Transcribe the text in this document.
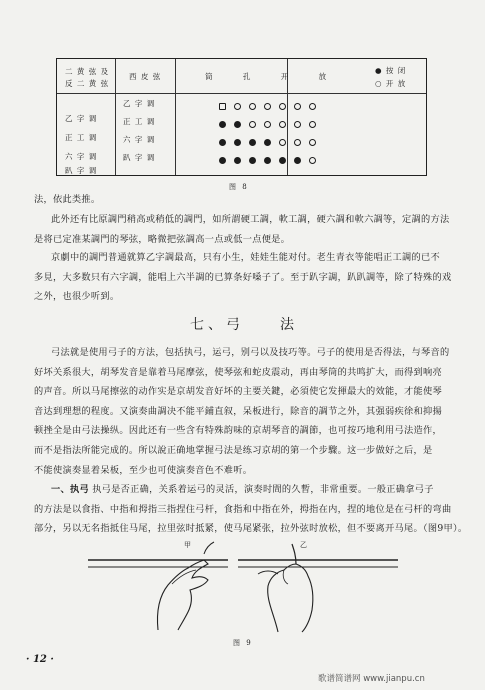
二 黄 弦 及
反 二 黄 弦
西 皮 弦	筒 孔 开 放
● 按 闭
○ 开 放
乙 字 调
正 工 调
六 字 调
趴 字 调
乙 字 调
正 工 调
六 字 调
趴 字 调
图 8
法，依此类推。
此外还有比原調門稍高或稍低的調門，如所謂硬工調，軟工調，硬六調和軟六調等，定調的方法
是将已定准某調門的琴弦，略微把弦調高一点或低一点便是。
京劇中的調門普通就算乙字調最高，只有小生，娃娃生能对付。老生青衣等能唱正工調的已不
多見，大多数只有六字調，能唱上六半調的已算条好嗓子了。至于趴字調，趴趴調等，除了特殊的戏
之外，也很少听到。
七、弓　　法
弓法就是使用弓子的方法，包括执弓，运弓，别弓以及技巧等。弓子的使用是否得法，与琴音的
好坏关系很大，胡琴发音是靠着马尾摩弦，使琴弦和蛇皮震动，再由琴筒的共鸣扩大，而得到响亮
的声音。所以马尾擦弦的动作实是京胡发音好坏的主要关鍵，必須使它发揮最大的效能，才能使琴
音达到理想的程度。又演奏曲調决不能平鋪直叙，呆板进行，除音的調节之外，其强弱疾徐和抑揚
顿挫全是由弓法操纵。因此还有一些含有特殊韵味的京胡琴音的調節，也可按巧地利用弓法造作，
而不是指法所能完成的。所以說正确地掌握弓法是练习京胡的第一个步驟。这一步做好之后，是
不能使演奏显着呆板，至少也可使演奏音色不难听。
一、执弓 执弓是否正确，关系着运弓的灵活，演奏时間的久暫，非常重要。一般正确拿弓子
的方法是以食指、中指和拇指三指捏住弓杆，食指和中指在外，拇指在内，捏的地位是在弓杆的弯曲
部分，另以无名指抵住马尾，拉里弦时抵紧，使马尾紧张，拉外弦时放松，但不要离开马尾。（图9甲）。
甲	乙
图 9
· 12 ·
歌谱简谱网 www.jianpu.cn
